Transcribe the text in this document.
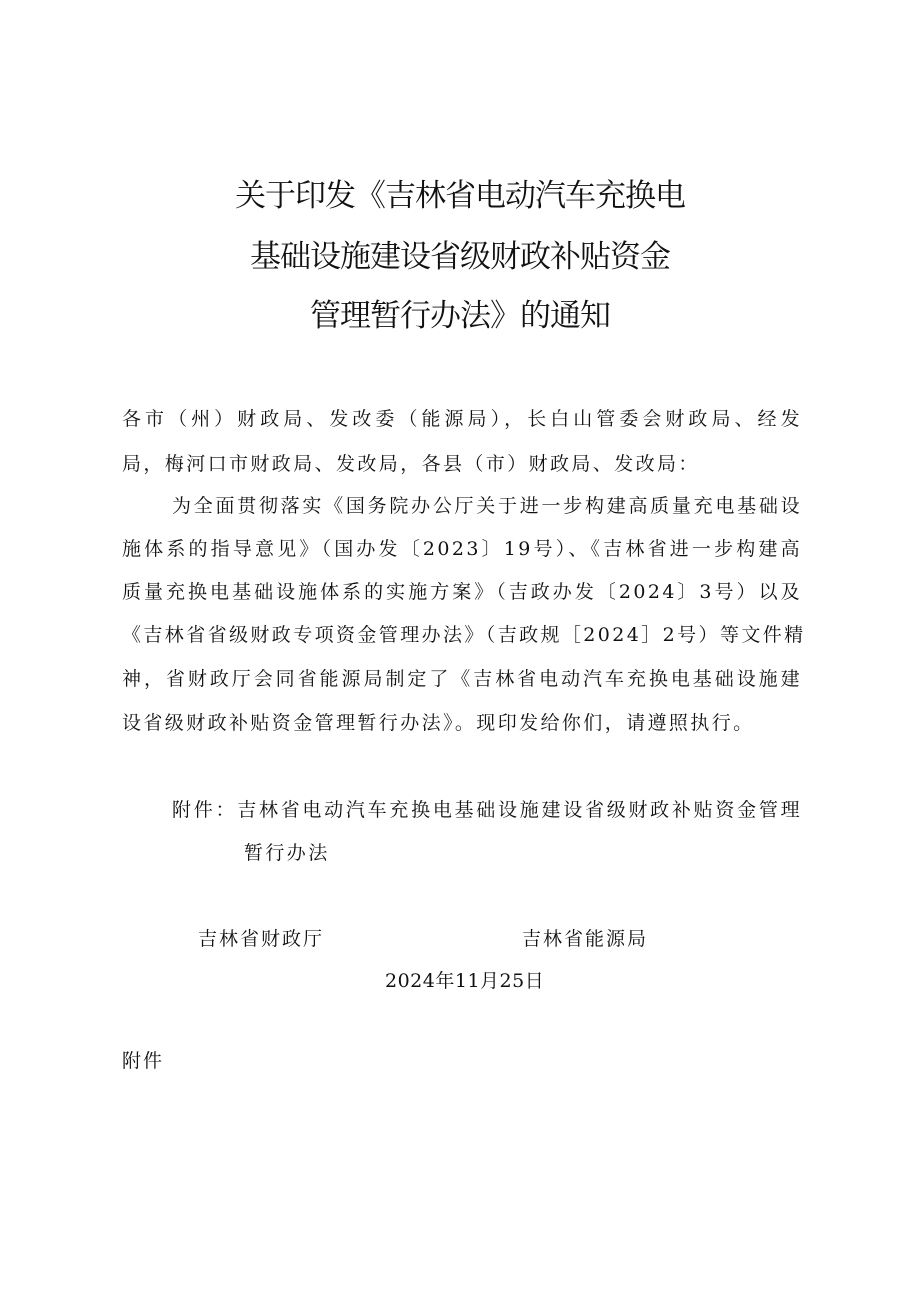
关于印发《吉林省电动汽车充换电
基础设施建设省级财政补贴资金
管理暂行办法》的通知
各市（州）财政局、发改委（能源局），长白山管委会财政局、经发
局，梅河口市财政局、发改局，各县（市）财政局、发改局：
为全面贯彻落实《国务院办公厅关于进一步构建高质量充电基础设
施体系的指导意见》（国办发〔2023〕19号）、《吉林省进一步构建高
质量充换电基础设施体系的实施方案》（吉政办发〔2024〕3号）以及
《吉林省省级财政专项资金管理办法》（吉政规［2024］2号）等文件精
神，省财政厅会同省能源局制定了《吉林省电动汽车充换电基础设施建
设省级财政补贴资金管理暂行办法》。现印发给你们，请遵照执行。
附件：吉林省电动汽车充换电基础设施建设省级财政补贴资金管理
暂行办法
吉林省财政厅	吉林省能源局
2024年11月25日
附件
